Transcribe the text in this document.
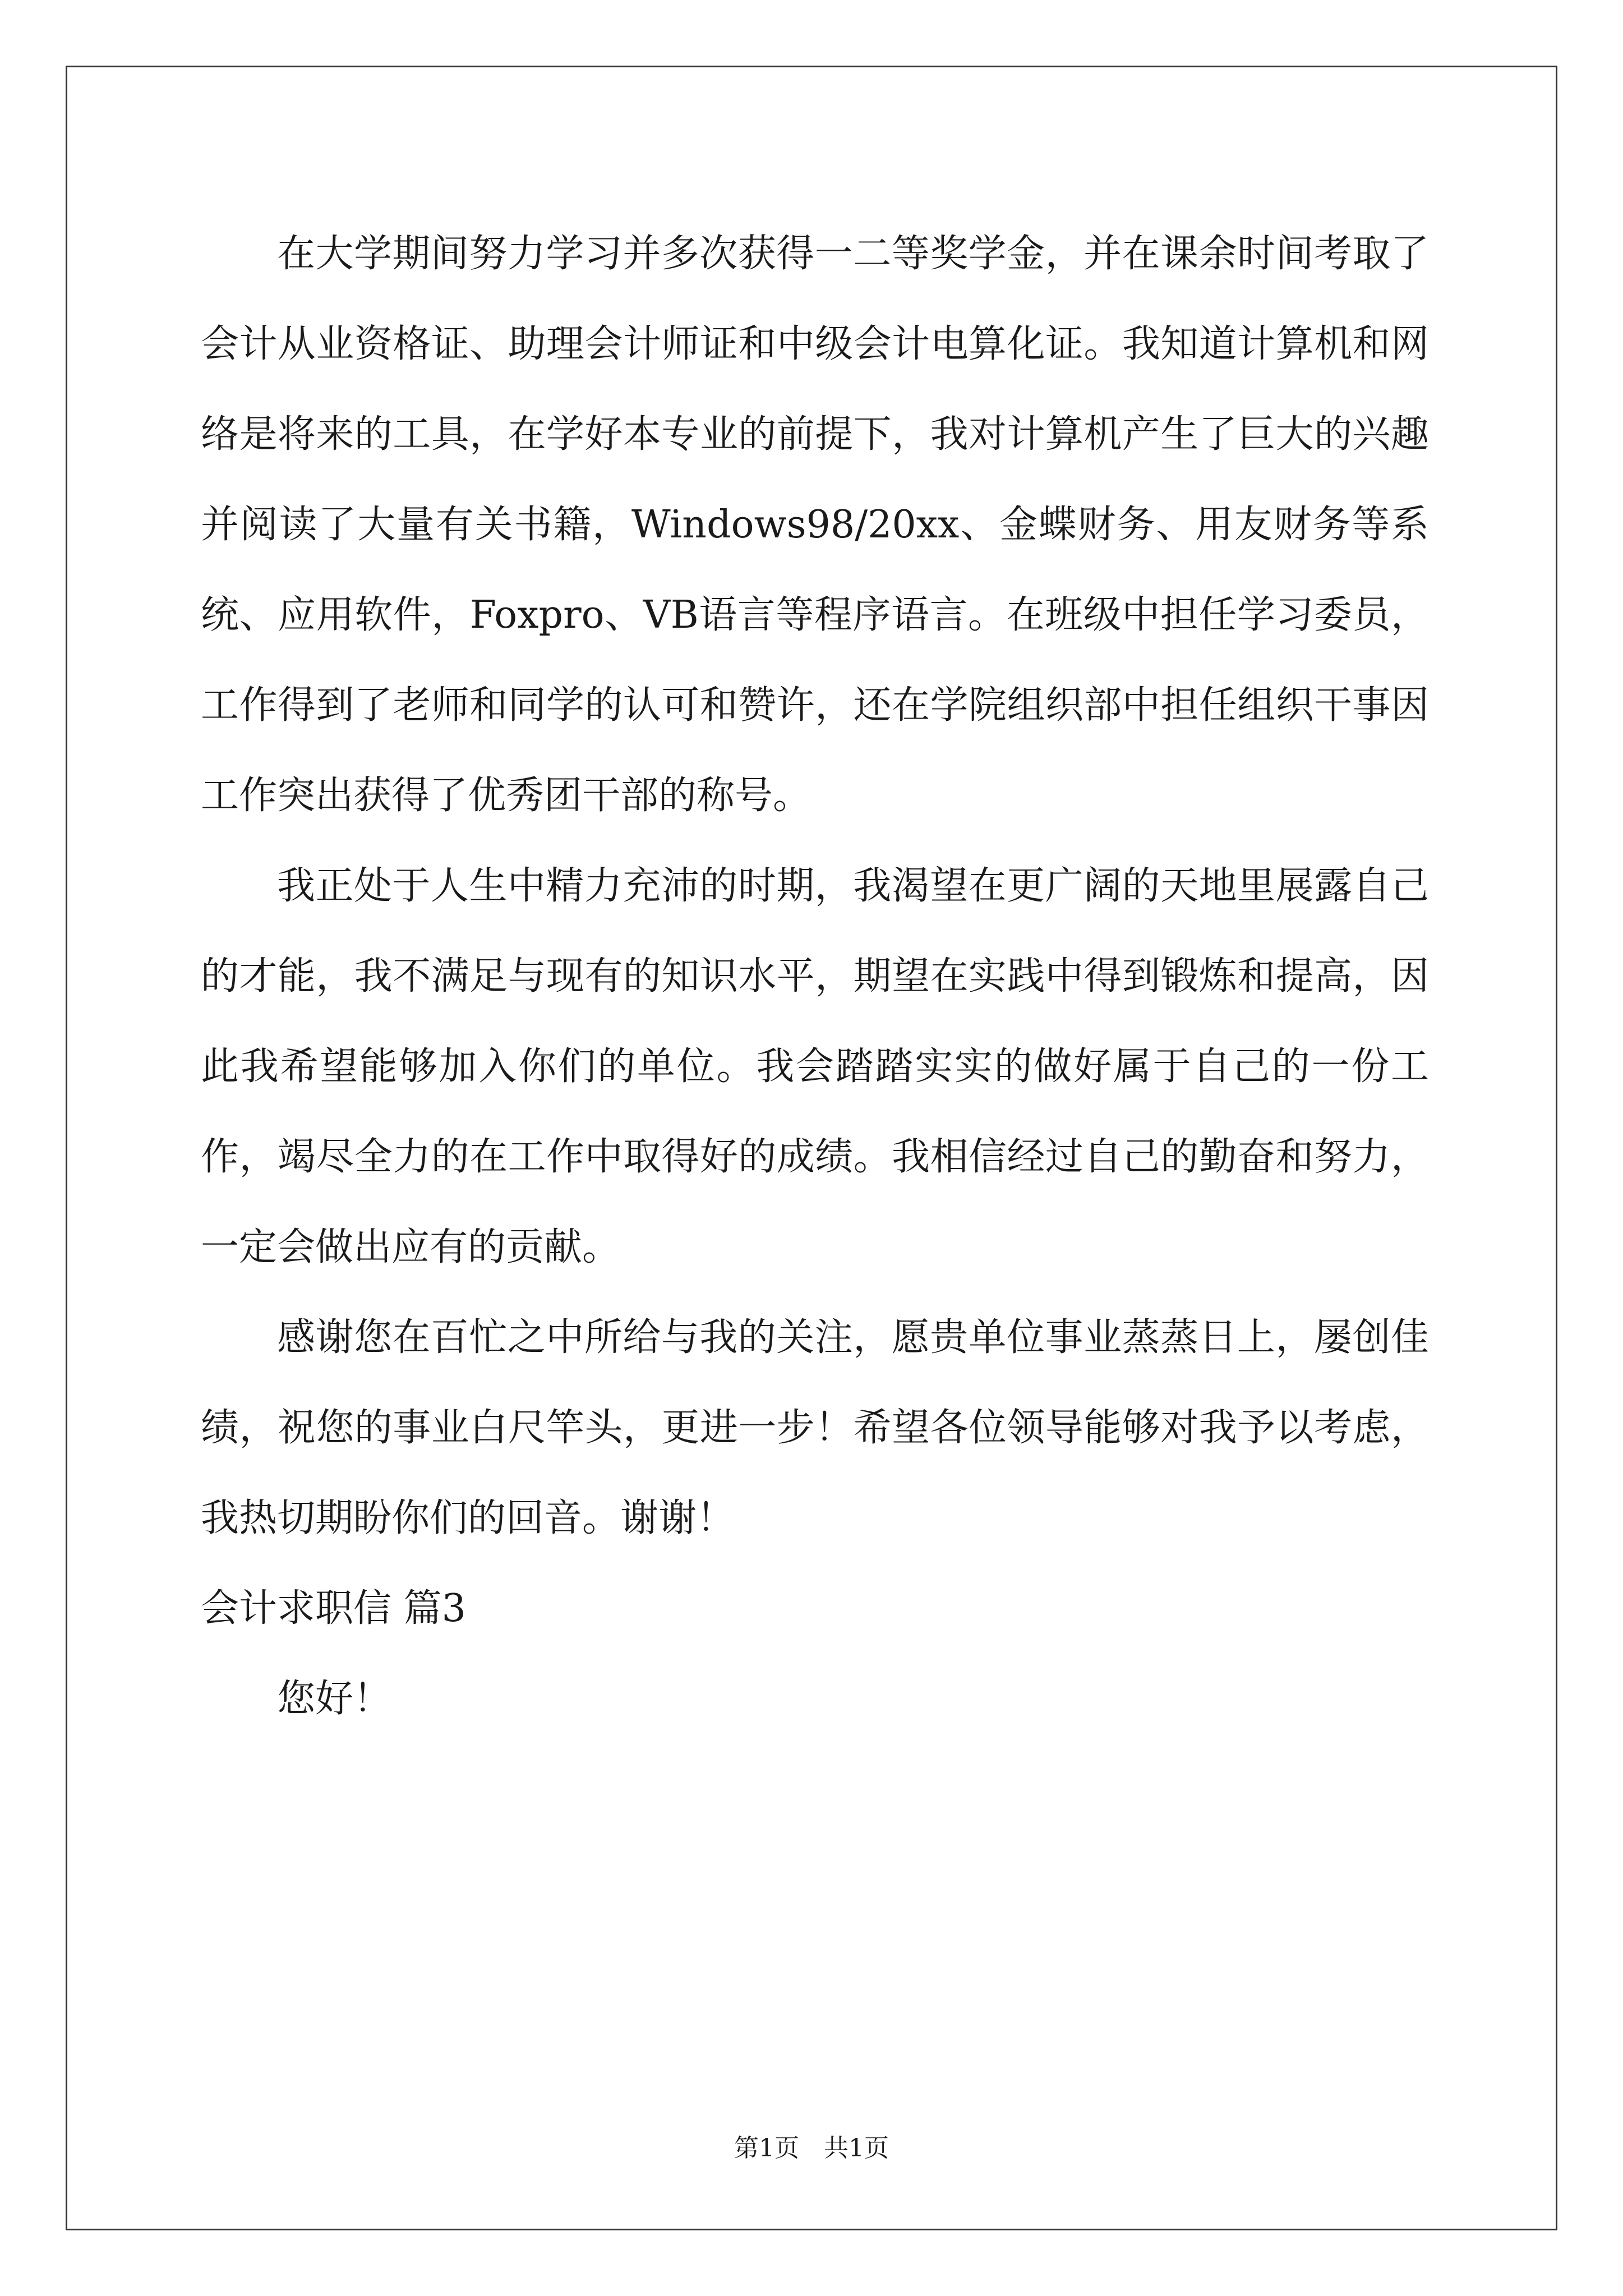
在大学期间努力学习并多次获得一二等奖学金，并在课余时间考取了会计从业资格证、助理会计师证和中级会计电算化证。我知道计算机和网络是将来的工具，在学好本专业的前提下，我对计算机产生了巨大的兴趣并阅读了大量有关书籍，Windows98/20xx、金蝶财务、用友财务等系统、应用软件，Foxpro、VB语言等程序语言。在班级中担任学习委员，工作得到了老师和同学的认可和赞许，还在学院组织部中担任组织干事因工作突出获得了优秀团干部的称号。

我正处于人生中精力充沛的时期，我渴望在更广阔的天地里展露自己的才能，我不满足与现有的知识水平，期望在实践中得到锻炼和提高，因此我希望能够加入你们的单位。我会踏踏实实的做好属于自己的一份工作，竭尽全力的在工作中取得好的成绩。我相信经过自己的勤奋和努力，一定会做出应有的贡献。

感谢您在百忙之中所给与我的关注，愿贵单位事业蒸蒸日上，屡创佳绩，祝您的事业白尺竿头，更进一步！希望各位领导能够对我予以考虑，我热切期盼你们的回音。谢谢！

会计求职信 篇3

您好！

第1页　共1页
